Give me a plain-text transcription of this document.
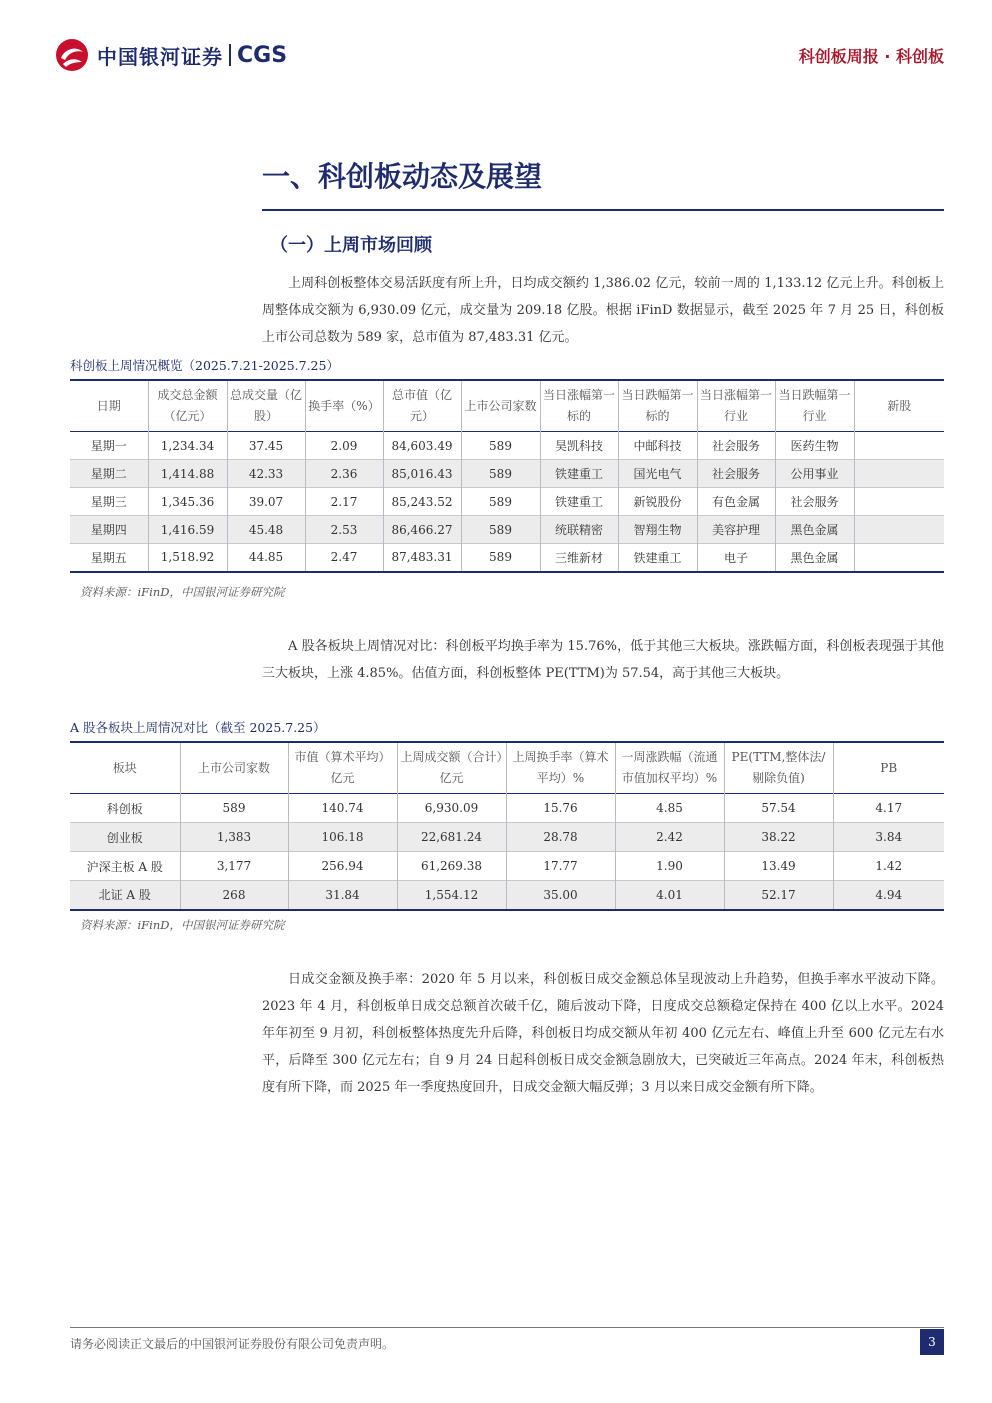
中国银河证券 CGS	科创板周报 · 科创板
一、科创板动态及展望
（一）上周市场回顾
上周科创板整体交易活跃度有所上升，日均成交额约 1,386.02 亿元，较前一周的 1,133.12 亿元上升。科创板上周整体成交额为 6,930.09 亿元，成交量为 209.18 亿股。根据 iFinD 数据显示，截至 2025 年 7 月 25 日，科创板上市公司总数为 589 家，总市值为 87,483.31 亿元。
科创板上周情况概览（2025.7.21-2025.7.25）
日期	成交总金额（亿元）	总成交量（亿股）	换手率（%）	总市值（亿元）	上市公司家数	当日涨幅第一标的	当日跌幅第一标的	当日涨幅第一行业	当日跌幅第一行业	新股
星期一	1,234.34	37.45	2.09	84,603.49	589	昊凯科技	中邮科技	社会服务	医药生物	
星期二	1,414.88	42.33	2.36	85,016.43	589	铁建重工	国光电气	社会服务	公用事业	
星期三	1,345.36	39.07	2.17	85,243.52	589	铁建重工	新锐股份	有色金属	社会服务	
星期四	1,416.59	45.48	2.53	86,466.27	589	统联精密	智翔生物	美容护理	黑色金属	
星期五	1,518.92	44.85	2.47	87,483.31	589	三维新材	铁建重工	电子	黑色金属	
资料来源：iFinD，中国银河证券研究院
A 股各板块上周情况对比：科创板平均换手率为 15.76%，低于其他三大板块。涨跌幅方面，科创板表现强于其他三大板块，上涨 4.85%。估值方面，科创板整体 PE(TTM)为 57.54，高于其他三大板块。
A 股各板块上周情况对比（截至 2025.7.25）
板块	上市公司家数	市值（算术平均）亿元	上周成交额（合计）亿元	上周换手率（算术平均）%	一周涨跌幅（流通市值加权平均）%	PE(TTM,整体法/剔除负值)	PB
科创板	589	140.74	6,930.09	15.76	4.85	57.54	4.17
创业板	1,383	106.18	22,681.24	28.78	2.42	38.22	3.84
沪深主板 A 股	3,177	256.94	61,269.38	17.77	1.90	13.49	1.42
北证 A 股	268	31.84	1,554.12	35.00	4.01	52.17	4.94
资料来源：iFinD，中国银河证券研究院
日成交金额及换手率：2020 年 5 月以来，科创板日成交金额总体呈现波动上升趋势，但换手率水平波动下降。2023 年 4 月，科创板单日成交总额首次破千亿，随后波动下降，日度成交总额稳定保持在 400 亿以上水平。2024 年年初至 9 月初，科创板整体热度先升后降，科创板日均成交额从年初 400 亿元左右、峰值上升至 600 亿元左右水平，后降至 300 亿元左右；自 9 月 24 日起科创板日成交金额急剧放大，已突破近三年高点。2024 年末，科创板热度有所下降，而 2025 年一季度热度回升，日成交金额大幅反弹；3 月以来日成交金额有所下降。
请务必阅读正文最后的中国银河证券股份有限公司免责声明。	3
